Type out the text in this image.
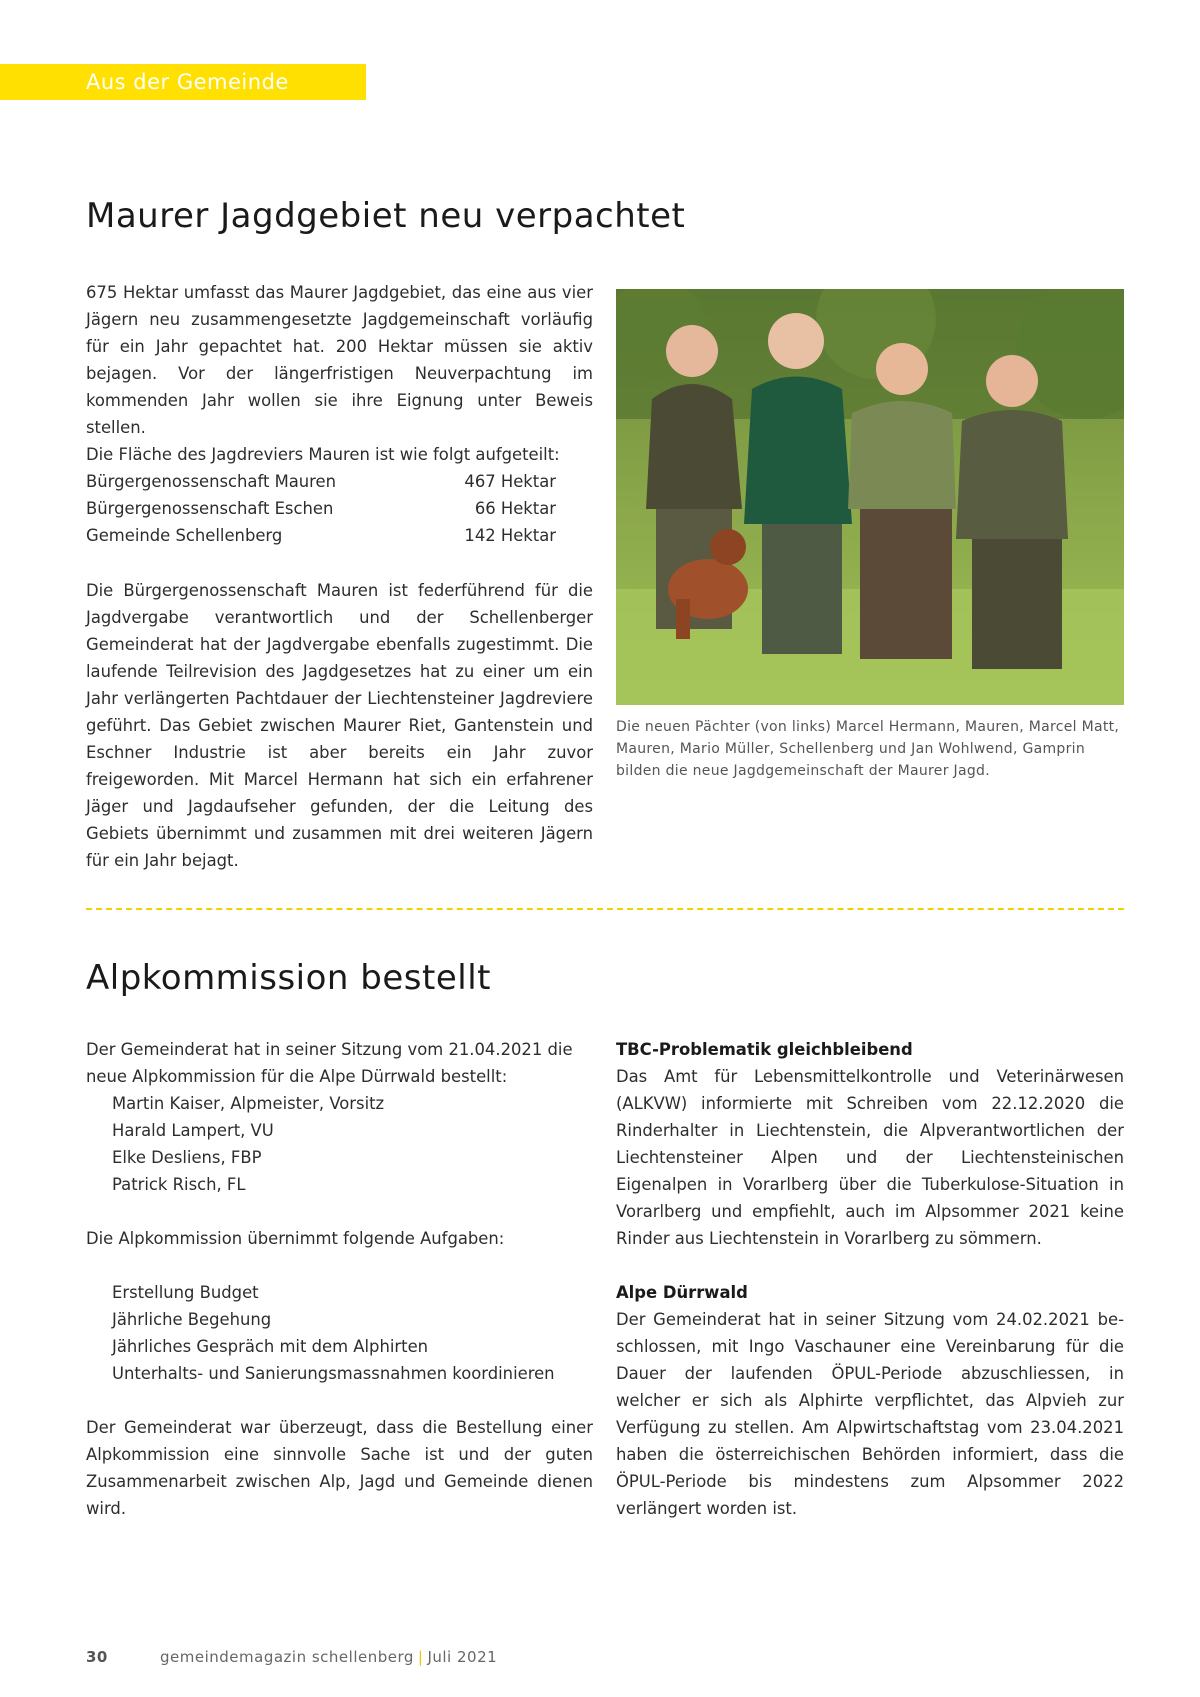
Aus der Gemeinde
Maurer Jagdgebiet neu verpachtet

675 Hektar umfasst das Maurer Jagdgebiet, das eine aus vier Jägern neu zusammengesetzte Jagdgemeinschaft vorläufig für ein Jahr gepachtet hat. 200 Hektar müssen sie aktiv bejagen. Vor der längerfristigen Neuverpachtung im kommenden Jahr wollen sie ihre Eignung unter Beweis stellen.

Die Fläche des Jagdreviers Mauren ist wie folgt aufgeteilt:

Bürgergenossenschaft Mauren	467 Hektar
Bürgergenossenschaft Eschen	66 Hektar
Gemeinde Schellenberg	142 Hektar

Die Bürgergenossenschaft Mauren ist federführend für die Jagdvergabe verantwortlich und der Schellenberger Gemeinderat hat der Jagdvergabe ebenfalls zugestimmt. Die laufende Teilrevision des Jagdgesetzes hat zu einer um ein Jahr verlängerten Pachtdauer der Liechtensteiner Jagdreviere geführt. Das Gebiet zwischen Maurer Riet, Gantenstein und Eschner Industrie ist aber bereits ein Jahr zuvor freigeworden. Mit Marcel Hermann hat sich ein erfahrener Jäger und Jagdaufseher gefunden, der die Leitung des Gebiets übernimmt und zusammen mit drei weiteren Jägern für ein Jahr bejagt.

Die neuen Pächter (von links) Marcel Hermann, Mauren, Marcel Matt, Mauren, Mario Müller, Schellenberg und Jan Wohlwend, Gamprin bilden die neue Jagdgemeinschaft der Maurer Jagd.
Alpkommission bestellt

Der Gemeinderat hat in seiner Sitzung vom 21.04.2021 die neue Alpkommission für die Alpe Dürrwald bestellt:

Martin Kaiser, Alpmeister, Vorsitz

Harald Lampert, VU

Elke Desliens, FBP

Patrick Risch, FL

Die Alpkommission übernimmt folgende Aufgaben:

Erstellung Budget

Jährliche Begehung

Jährliches Gespräch mit dem Alphirten

Unterhalts- und Sanierungsmassnahmen koordinieren

Der Gemeinderat war überzeugt, dass die Bestellung einer Alpkommission eine sinnvolle Sache ist und der guten Zusammenarbeit zwischen Alp, Jagd und Gemeinde dienen wird.

TBC-Problematik gleichbleibend

Das Amt für Lebensmittelkontrolle und Veterinärwesen (ALKVW) informierte mit Schreiben vom 22.12.2020 die Rinderhalter in Liechtenstein, die Alpverantwortlichen der Liechtensteiner Alpen und der Liechtensteinischen Eigenalpen in Vorarlberg über die Tuberkulose-Situation in Vorarlberg und empfiehlt, auch im Alpsommer 2021 keine Rinder aus Liechtenstein in Vorarlberg zu sömmern.

Alpe Dürrwald

Der Gemeinderat hat in seiner Sitzung vom 24.02.2021 beschlossen, mit Ingo Vaschauner eine Vereinbarung für die Dauer der laufenden ÖPUL-Periode abzuschliessen, in welcher er sich als Alphirte verpflichtet, das Alpvieh zur Verfügung zu stellen. Am Alpwirtschaftstag vom 23.04.2021 haben die österreichischen Behörden informiert, dass die ÖPUL-Periode bis mindestens zum Alpsommer 2022 verlängert worden ist.

30	gemeindemagazin schellenberg | Juli 2021
